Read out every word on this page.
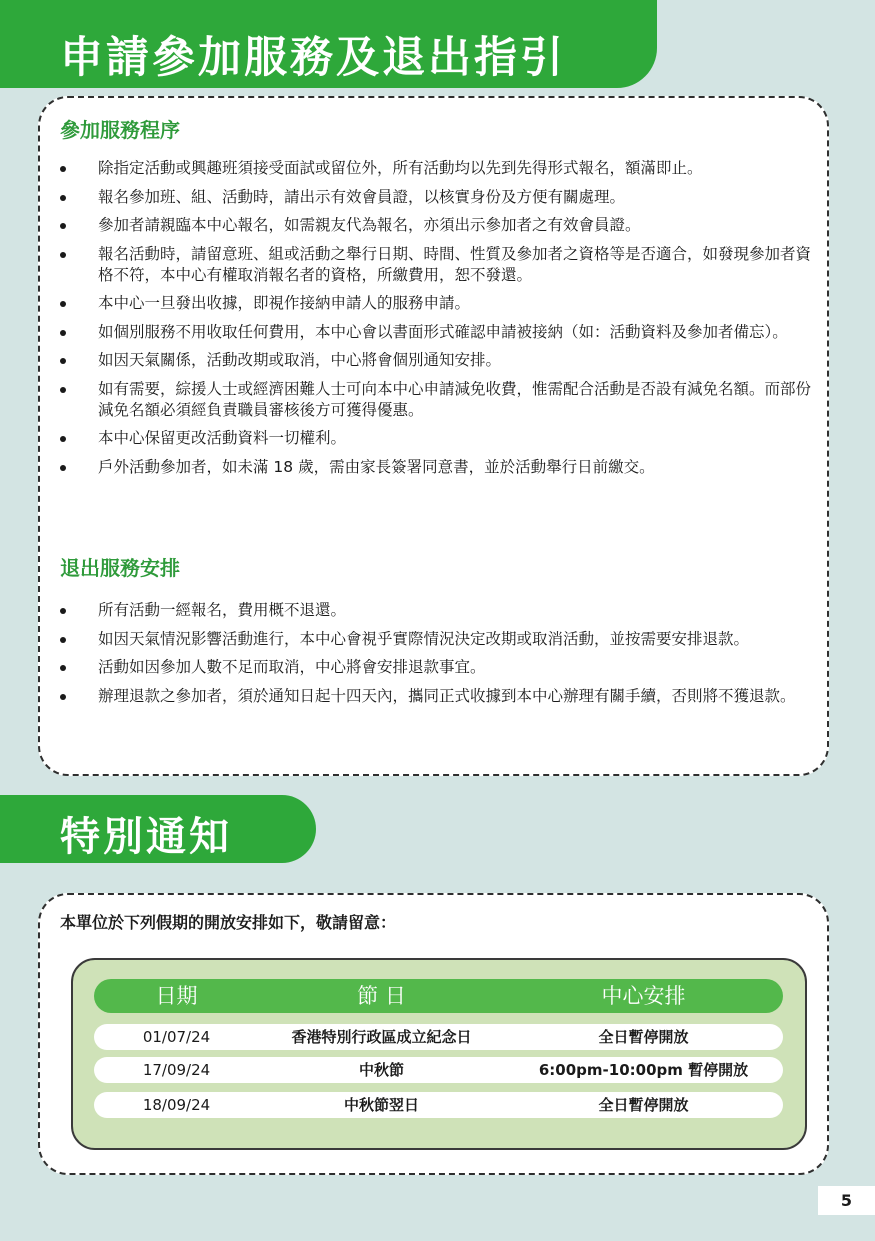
申請參加服務及退出指引
參加服務程序
除指定活動或興趣班須接受面試或留位外，所有活動均以先到先得形式報名，額滿即止。
報名參加班、組、活動時，請出示有效會員證，以核實身份及方便有關處理。
參加者請親臨本中心報名，如需親友代為報名，亦須出示參加者之有效會員證。
報名活動時，請留意班、組或活動之舉行日期、時間、性質及參加者之資格等是否適合，如發現參加者資格不符，本中心有權取消報名者的資格，所繳費用，恕不發還。
本中心一旦發出收據，即視作接納申請人的服務申請。
如個別服務不用收取任何費用，本中心會以書面形式確認申請被接納（如：活動資料及參加者備忘）。
如因天氣關係，活動改期或取消，中心將會個別通知安排。
如有需要，綜援人士或經濟困難人士可向本中心申請減免收費，惟需配合活動是否設有減免名額。而部份減免名額必須經負責職員審核後方可獲得優惠。
本中心保留更改活動資料一切權利。
戶外活動參加者，如未滿 18 歲，需由家長簽署同意書，並於活動舉行日前繳交。
退出服務安排
所有活動一經報名，費用概不退還。
如因天氣情況影響活動進行，本中心會視乎實際情況決定改期或取消活動，並按需要安排退款。
活動如因參加人數不足而取消，中心將會安排退款事宜。
辦理退款之參加者，須於通知日起十四天內，攜同正式收據到本中心辦理有關手續，否則將不獲退款。
特別通知
本單位於下列假期的開放安排如下，敬請留意：
日期	節 日	中心安排
01/07/24	香港特別行政區成立紀念日	全日暫停開放
17/09/24	中秋節	6:00pm-10:00pm 暫停開放
18/09/24	中秋節翌日	全日暫停開放
5
